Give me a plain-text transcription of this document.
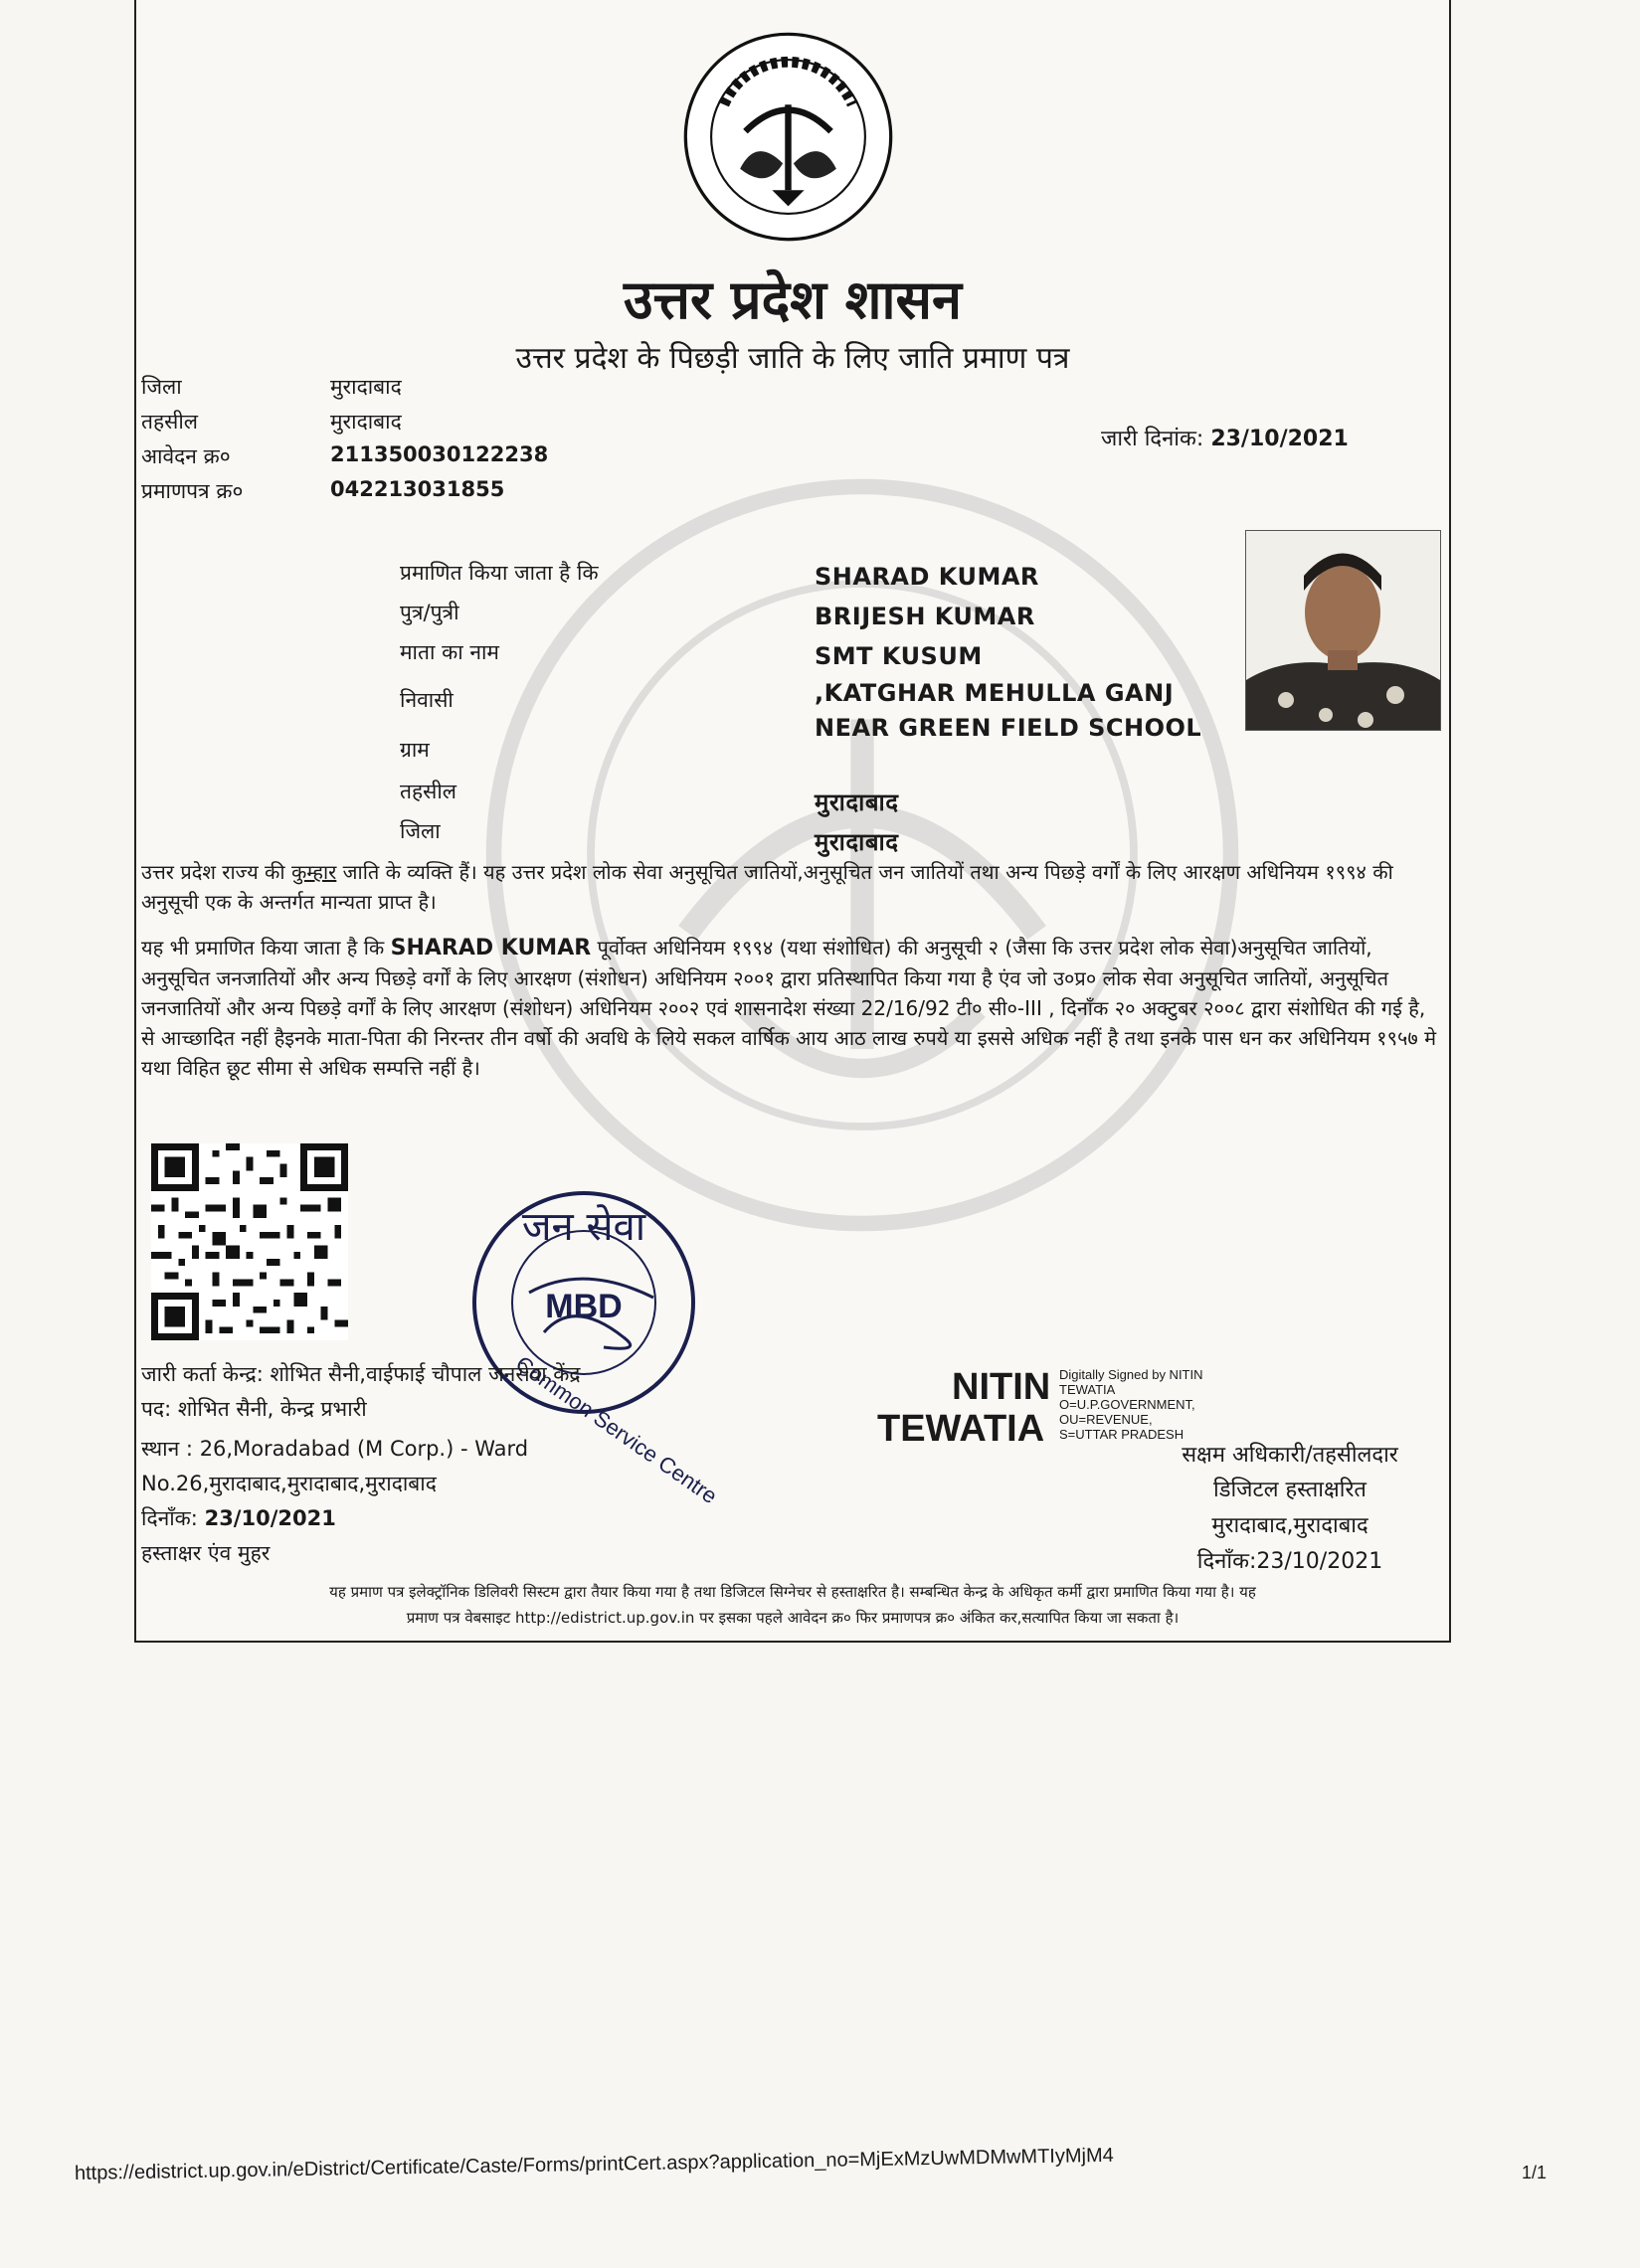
उत्तर प्रदेश शासन
उत्तर प्रदेश के पिछड़ी जाति के लिए जाति प्रमाण पत्र
जिला	मुरादाबाद
तहसील	मुरादाबाद
आवेदन क्र०	211350030122238
प्रमाणपत्र क्र०	042213031855
जारी दिनांक: 23/10/2021
प्रमाणित किया जाता है कि	SHARAD KUMAR
पुत्र/पुत्री	BRIJESH KUMAR
माता का नाम	SMT KUSUM
निवासी	,KATGHAR MEHULLA GANJ
NEAR GREEN FIELD SCHOOL
ग्राम
तहसील	मुरादाबाद
जिला	मुरादाबाद
उत्तर प्रदेश राज्य की कुम्हार जाति के व्यक्ति हैं। यह उत्तर प्रदेश लोक सेवा अनुसूचित जातियों,अनुसूचित जन जातियों तथा अन्य पिछड़े वर्गों के लिए आरक्षण अधिनियम १९९४ की अनुसूची एक के अन्तर्गत मान्यता प्राप्त है।
यह भी प्रमाणित किया जाता है कि SHARAD KUMAR पूर्वोक्त अधिनियम १९९४ (यथा संशोधित) की अनुसूची २ (जैसा कि उत्तर प्रदेश लोक सेवा)अनुसूचित जातियों, अनुसूचित जनजातियों और अन्य पिछड़े वर्गों के लिए आरक्षण (संशोधन) अधिनियम २००१ द्वारा प्रतिस्थापित किया गया है एंव जो उ०प्र० लोक सेवा अनुसूचित जातियों, अनुसूचित जनजातियों और अन्य पिछड़े वर्गों के लिए आरक्षण (संशोधन) अधिनियम २००२ एवं शासनादेश संख्या 22/16/92 टी० सी०-III , दिनाँक २० अक्टुबर २००८ द्वारा संशोधित की गई है, से आच्छादित नहीं हैइनके माता-पिता की निरन्तर तीन वर्षो की अवधि के लिये सकल वार्षिक आय आठ लाख रुपये या इससे अधिक नहीं है तथा इनके पास धन कर अधिनियम १९५७ मे यथा विहित छूट सीमा से अधिक सम्पत्ति नहीं है।
जन सेवा
Common Service Centre
MBD
जारी कर्ता केन्द्र: शोभित सैनी,वाईफाई चौपाल जनसेवा केंद्र
पद: शोभित सैनी, केन्द्र प्रभारी
स्थान : 26,Moradabad (M Corp.) - Ward
No.26,मुरादाबाद,मुरादाबाद,मुरादाबाद
दिनाँक: 23/10/2021
हस्ताक्षर एंव मुहर
NITIN
TEWATIA
Digitally Signed by NITIN
TEWATIA
O=U.P.GOVERNMENT,
OU=REVENUE,
S=UTTAR PRADESH
सक्षम अधिकारी/तहसीलदार
डिजिटल हस्ताक्षरित
मुरादाबाद,मुरादाबाद
दिनाँक:23/10/2021
यह प्रमाण पत्र इलेक्ट्रॉनिक डिलिवरी सिस्टम द्वारा तैयार किया गया है तथा डिजिटल सिग्नेचर से हस्ताक्षरित है। सम्बन्धित केन्द्र के अधिकृत कर्मी द्वारा प्रमाणित किया गया है। यह
प्रमाण पत्र वेबसाइट http://edistrict.up.gov.in पर इसका पहले आवेदन क्र० फिर प्रमाणपत्र क्र० अंकित कर,सत्यापित किया जा सकता है।
https://edistrict.up.gov.in/eDistrict/Certificate/Caste/Forms/printCert.aspx?application_no=MjExMzUwMDMwMTIyMjM4	1/1
